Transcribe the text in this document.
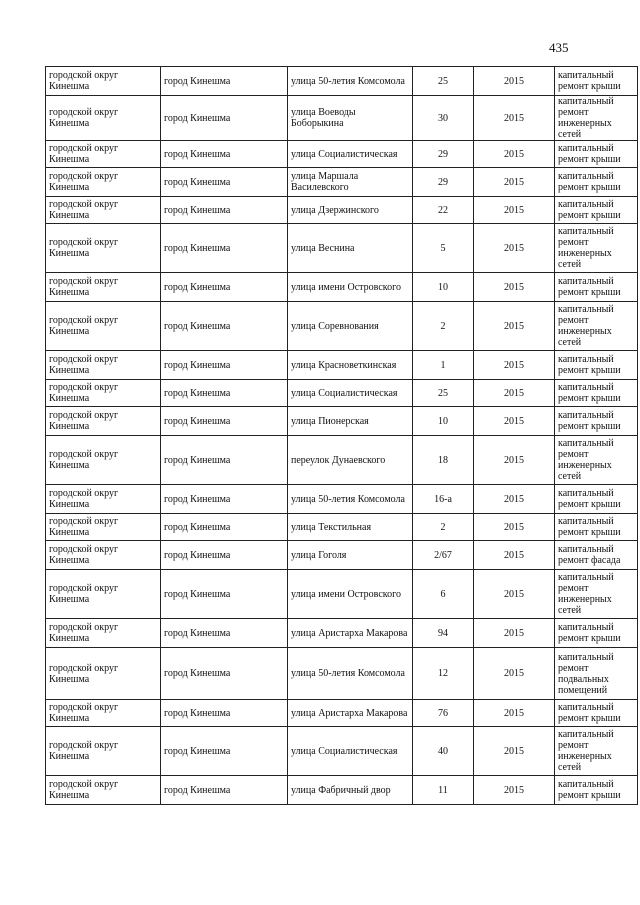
435
городской округ Кинешма	город Кинешма	улица 50-летия Комсомола	25	2015	капитальный ремонт крыши
городской округ Кинешма	город Кинешма	улица Воеводы Боборыкина	30	2015	капитальный ремонт инженерных сетей
городской округ Кинешма	город Кинешма	улица Социалистическая	29	2015	капитальный ремонт крыши
городской округ Кинешма	город Кинешма	улица Маршала Василевского	29	2015	капитальный ремонт крыши
городской округ Кинешма	город Кинешма	улица Дзержинского	22	2015	капитальный ремонт крыши
городской округ Кинешма	город Кинешма	улица Веснина	5	2015	капитальный ремонт инженерных сетей
городской округ Кинешма	город Кинешма	улица имени Островского	10	2015	капитальный ремонт крыши
городской округ Кинешма	город Кинешма	улица Соревнования	2	2015	капитальный ремонт инженерных сетей
городской округ Кинешма	город Кинешма	улица Красноветкинская	1	2015	капитальный ремонт крыши
городской округ Кинешма	город Кинешма	улица Социалистическая	25	2015	капитальный ремонт крыши
городской округ Кинешма	город Кинешма	улица Пионерская	10	2015	капитальный ремонт крыши
городской округ Кинешма	город Кинешма	переулок Дунаевского	18	2015	капитальный ремонт инженерных сетей
городской округ Кинешма	город Кинешма	улица 50-летия Комсомола	16-а	2015	капитальный ремонт крыши
городской округ Кинешма	город Кинешма	улица Текстильная	2	2015	капитальный ремонт крыши
городской округ Кинешма	город Кинешма	улица Гоголя	2/67	2015	капитальный ремонт фасада
городской округ Кинешма	город Кинешма	улица имени Островского	6	2015	капитальный ремонт инженерных сетей
городской округ Кинешма	город Кинешма	улица Аристарха Макарова	94	2015	капитальный ремонт крыши
городской округ Кинешма	город Кинешма	улица 50-летия Комсомола	12	2015	капитальный ремонт подвальных помещений
городской округ Кинешма	город Кинешма	улица Аристарха Макарова	76	2015	капитальный ремонт крыши
городской округ Кинешма	город Кинешма	улица Социалистическая	40	2015	капитальный ремонт инженерных сетей
городской округ Кинешма	город Кинешма	улица Фабричный двор	11	2015	капитальный ремонт крыши
